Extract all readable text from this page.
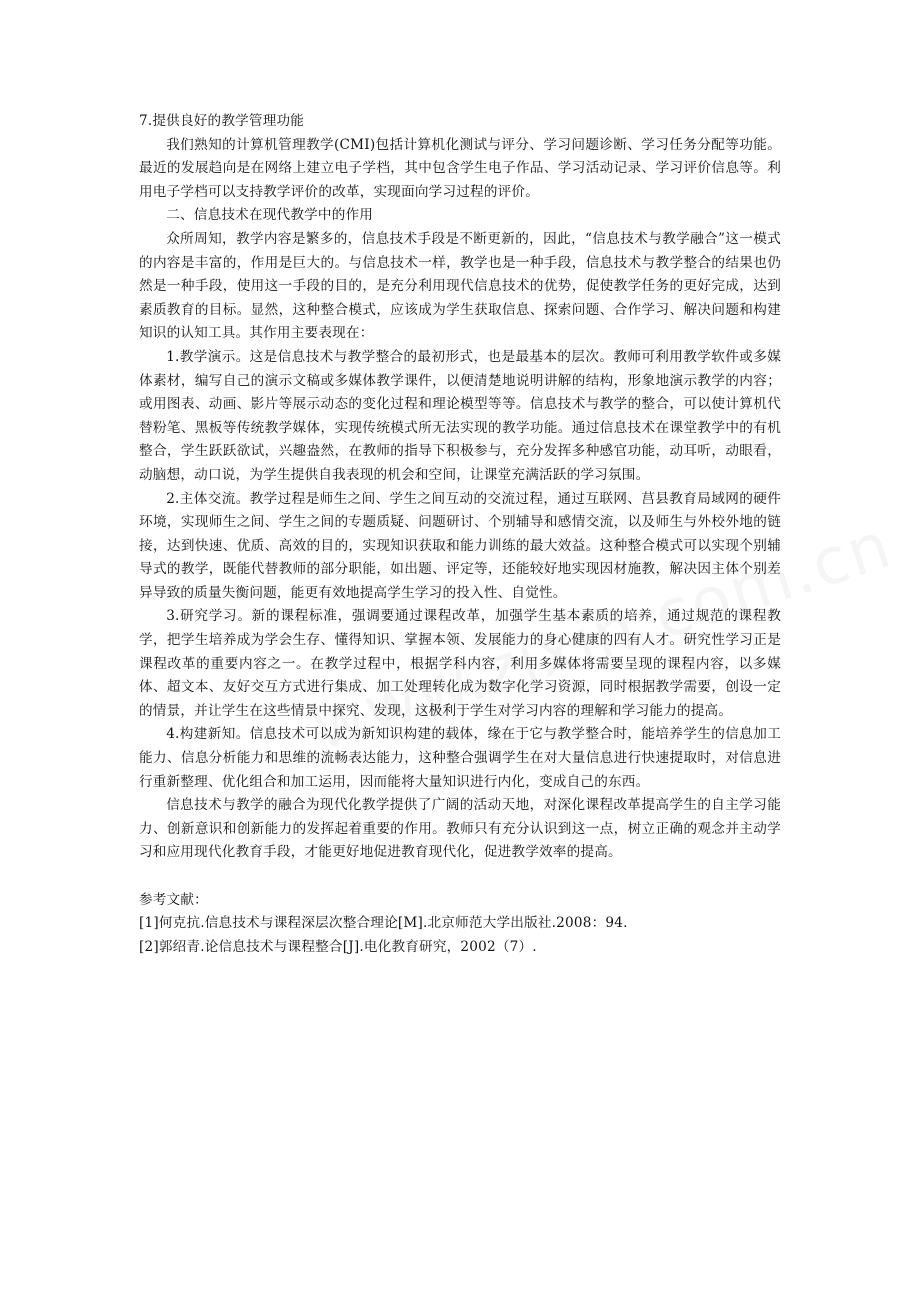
7.提供良好的教学管理功能

我们熟知的计算机管理教学(CMI)包括计算机化测试与评分、学习问题诊断、学习任务分配等功能。最近的发展趋向是在网络上建立电子学档，其中包含学生电子作品、学习活动记录、学习评价信息等。利用电子学档可以支持教学评价的改革，实现面向学习过程的评价。

二、信息技术在现代教学中的作用

众所周知，教学内容是繁多的，信息技术手段是不断更新的，因此，“信息技术与教学融合”这一模式的内容是丰富的，作用是巨大的。与信息技术一样，教学也是一种手段，信息技术与教学整合的结果也仍然是一种手段，使用这一手段的目的，是充分利用现代信息技术的优势，促使教学任务的更好完成，达到素质教育的目标。显然，这种整合模式，应该成为学生获取信息、探索问题、合作学习、解决问题和构建知识的认知工具。其作用主要表现在：

1.教学演示。这是信息技术与教学整合的最初形式，也是最基本的层次。教师可利用教学软件或多媒体素材，编写自己的演示文稿或多媒体教学课件，以便清楚地说明讲解的结构，形象地演示教学的内容；或用图表、动画、影片等展示动态的变化过程和理论模型等等。信息技术与教学的整合，可以使计算机代替粉笔、黑板等传统教学媒体，实现传统模式所无法实现的教学功能。通过信息技术在课堂教学中的有机整合，学生跃跃欲试，兴趣盎然，在教师的指导下积极参与，充分发挥多种感官功能，动耳听，动眼看，动脑想，动口说，为学生提供自我表现的机会和空间，让课堂充满活跃的学习氛围。

2.主体交流。教学过程是师生之间、学生之间互动的交流过程，通过互联网、莒县教育局域网的硬件环境，实现师生之间、学生之间的专题质疑、问题研讨、个别辅导和感情交流，以及师生与外校外地的链接，达到快速、优质、高效的目的，实现知识获取和能力训练的最大效益。这种整合模式可以实现个别辅导式的教学，既能代替教师的部分职能，如出题、评定等，还能较好地实现因材施教，解决因主体个别差异导致的质量失衡问题，能更有效地提高学生学习的投入性、自觉性。

3.研究学习。新的课程标准，强调要通过课程改革，加强学生基本素质的培养，通过规范的课程教学，把学生培养成为学会生存、懂得知识、掌握本领、发展能力的身心健康的四有人才。研究性学习正是课程改革的重要内容之一。在教学过程中，根据学科内容，利用多媒体将需要呈现的课程内容，以多媒体、超文本、友好交互方式进行集成、加工处理转化成为数字化学习资源，同时根据教学需要，创设一定的情景，并让学生在这些情景中探究、发现，这极利于学生对学习内容的理解和学习能力的提高。

4.构建新知。信息技术可以成为新知识构建的载体，缘在于它与教学整合时，能培养学生的信息加工能力、信息分析能力和思维的流畅表达能力，这种整合强调学生在对大量信息进行快速提取时，对信息进行重新整理、优化组合和加工运用，因而能将大量知识进行内化，变成自己的东西。

信息技术与教学的融合为现代化教学提供了广阔的活动天地，对深化课程改革提高学生的自主学习能力、创新意识和创新能力的发挥起着重要的作用。教师只有充分认识到这一点，树立正确的观念并主动学习和应用现代化教育手段，才能更好地促进教育现代化，促进教学效率的提高。

参考文献：

[1]何克抗.信息技术与课程深层次整合理论[M].北京师范大学出版社.2008：94.

[2]郭绍青.论信息技术与课程整合[J].电化教育研究，2002（7）.
